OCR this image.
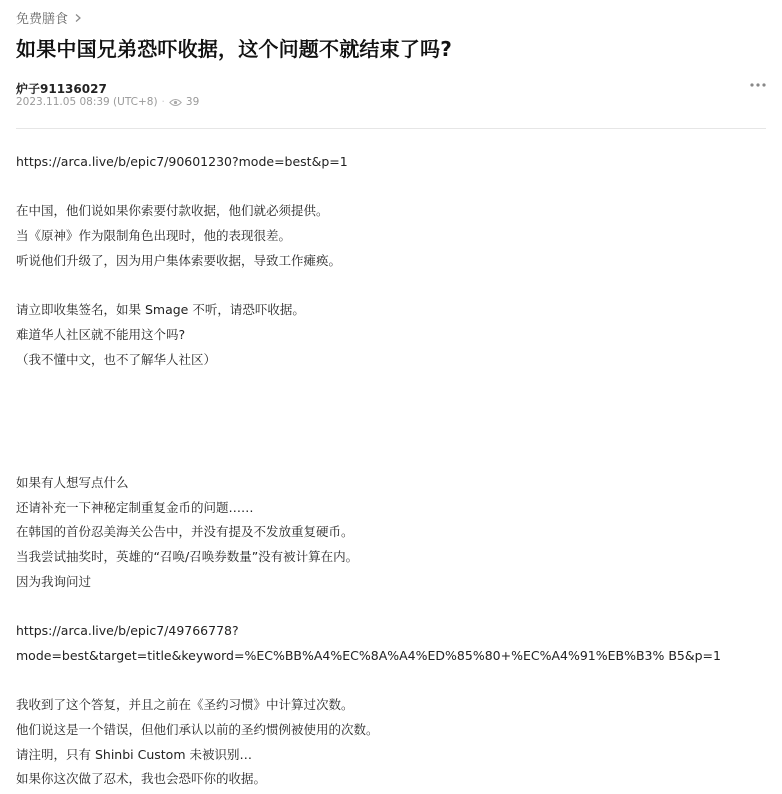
免费膳食
如果中国兄弟恐吓收据，这个问题不就结束了吗?
炉子91136027
2023.11.05 08:39 (UTC+8) · 39
https://arca.live/b/epic7/90601230?mode=best&p=1
在中国，他们说如果你索要付款收据，他们就必须提供。
当《原神》作为限制角色出现时，他的表现很差。
听说他们升级了，因为用户集体索要收据，导致工作瘫痪。
请立即收集签名，如果 Smage 不听，请恐吓收据。
难道华人社区就不能用这个吗?
（我不懂中文，也不了解华人社区）
如果有人想写点什么
还请补充一下神秘定制重复金币的问题……
在韩国的首份忍美海关公告中，并没有提及不发放重复硬币。
当我尝试抽奖时，英雄的“召唤/召唤券数量”没有被计算在内。
因为我询问过
https://arca.live/b/epic7/49766778?
mode=best&target=title&keyword=%EC%BB%A4%EC%8A%A4%ED%85%80+%EC%A4%91%EB%B3% B5&p=1
我收到了这个答复，并且之前在《圣约习惯》中计算过次数。
他们说这是一个错误，但他们承认以前的圣约惯例被使用的次数。
请注明，只有 Shinbi Custom 未被识别…
如果你这次做了忍术，我也会恐吓你的收据。
